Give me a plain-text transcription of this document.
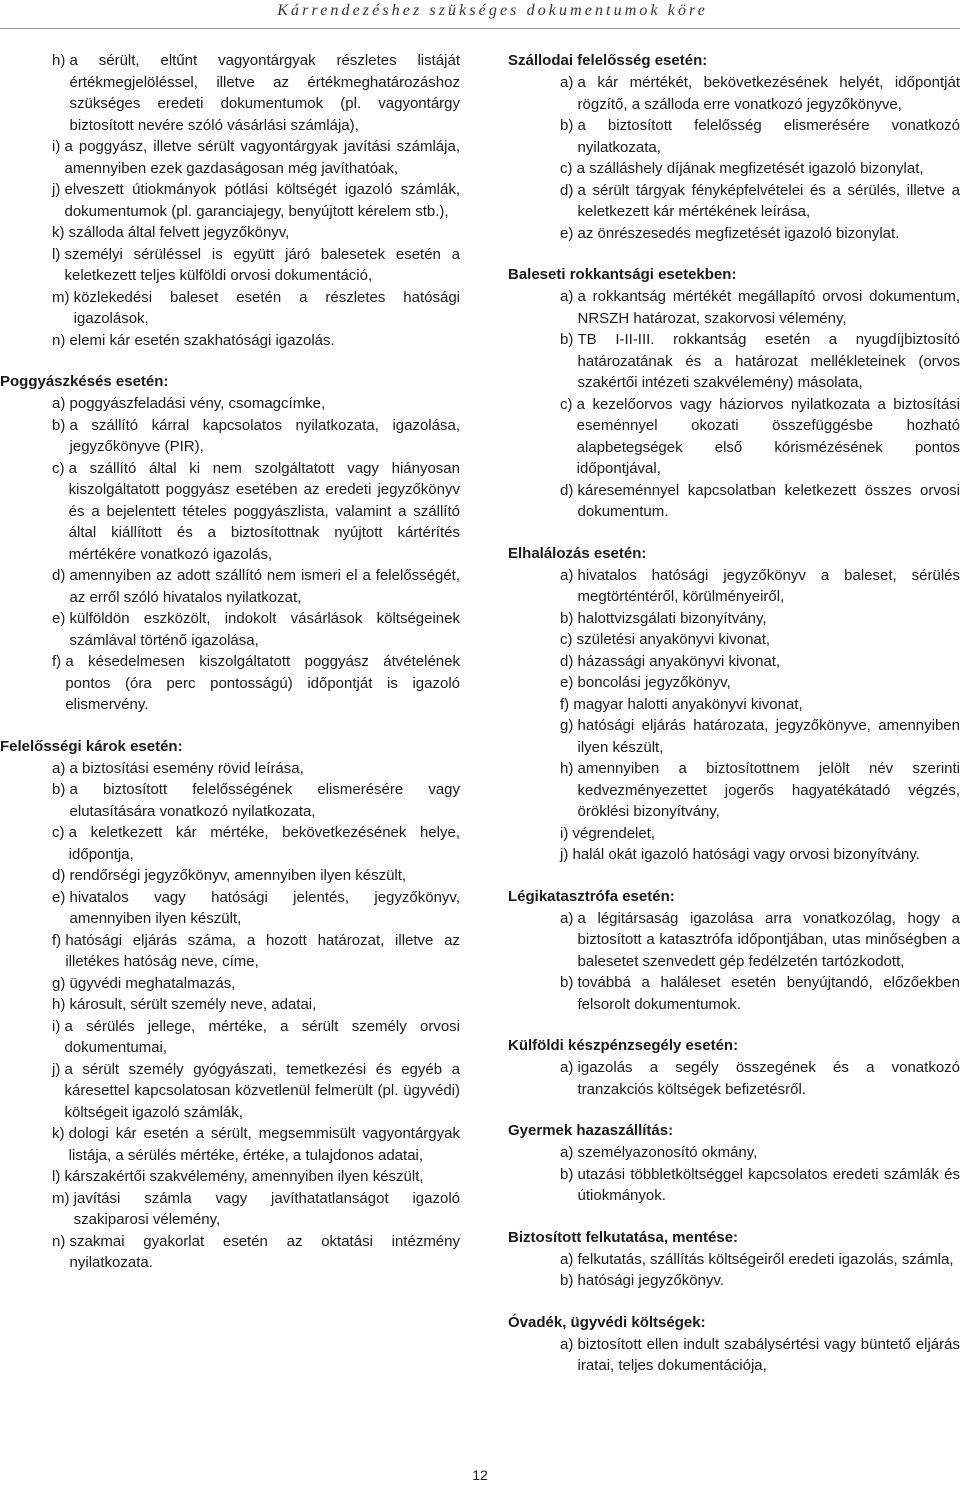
Kárrendezéshez szükséges dokumentumok köre
h) a sérült, eltűnt vagyontárgyak részletes listáját értékmegjelöléssel, illetve az értékmeghatározáshoz szükséges eredeti dokumentumok (pl. vagyontárgy biztosított nevére szóló vásárlási számlája),
i) a poggyász, illetve sérült vagyontárgyak javítási számlája, amennyiben ezek gazdaságosan még javíthatóak,
j) elveszett útiokmányok pótlási költségét igazoló számlák, dokumentumok (pl. garanciajegy, benyújtott kérelem stb.),
k) szálloda által felvett jegyzőkönyv,
l) személyi sérüléssel is együtt járó balesetek esetén a keletkezett teljes külföldi orvosi dokumentáció,
m) közlekedési baleset esetén a részletes hatósági igazolások,
n) elemi kár esetén szakhatósági igazolás.

Poggyászkésés esetén:

a) poggyászfeladási vény, csomagcímke,
b) a szállító kárral kapcsolatos nyilatkozata, igazolása, jegyzőkönyve (PIR),
c) a szállító által ki nem szolgáltatott vagy hiányosan kiszolgáltatott poggyász esetében az eredeti jegyzőkönyv és a bejelentett tételes poggyászlista, valamint a szállító által kiállított és a biztosítottnak nyújtott kártérítés mértékére vonatkozó igazolás,
d) amennyiben az adott szállító nem ismeri el a felelősségét, az erről szóló hivatalos nyilatkozat,
e) külföldön eszközölt, indokolt vásárlások költségeinek számlával történő igazolása,
f) a késedelmesen kiszolgáltatott poggyász átvételének pontos (óra perc pontosságú) időpontját is igazoló elismervény.

Felelősségi károk esetén:

a) a biztosítási esemény rövid leírása,
b) a biztosított felelősségének elismerésére vagy elutasítására vonatkozó nyilatkozata,
c) a keletkezett kár mértéke, bekövetkezésének helye, időpontja,
d) rendőrségi jegyzőkönyv, amennyiben ilyen készült,
e) hivatalos vagy hatósági jelentés, jegyzőkönyv, amennyiben ilyen készült,
f) hatósági eljárás száma, a hozott határozat, illetve az illetékes hatóság neve, címe,
g) ügyvédi meghatalmazás,
h) károsult, sérült személy neve, adatai,
i) a sérülés jellege, mértéke, a sérült személy orvosi dokumentumai,
j) a sérült személy gyógyászati, temetkezési és egyéb a káresettel kapcsolatosan közvetlenül felmerült (pl. ügyvédi) költségeit igazoló számlák,
k) dologi kár esetén a sérült, megsemmisült vagyontárgyak listája, a sérülés mértéke, értéke, a tulajdonos adatai,
l) kárszakértői szakvélemény, amennyiben ilyen készült,
m) javítási számla vagy javíthatatlanságot igazoló szakiparosi vélemény,
n) szakmai gyakorlat esetén az oktatási intézmény nyilatkozata.

Szállodai felelősség esetén:

a) a kár mértékét, bekövetkezésének helyét, időpontját rögzítő, a szálloda erre vonatkozó jegyzőkönyve,
b) a biztosított felelősség elismerésére vonatkozó nyilatkozata,
c) a szálláshely díjának megfizetését igazoló bizonylat,
d) a sérült tárgyak fényképfelvételei és a sérülés, illetve a keletkezett kár mértékének leírása,
e) az önrészesedés megfizetését igazoló bizonylat.

Baleseti rokkantsági esetekben:

a) a rokkantság mértékét megállapító orvosi dokumentum, NRSZH határozat, szakorvosi vélemény,
b) TB I-II-III. rokkantság esetén a nyugdíjbiztosító határozatának és a határozat mellékleteinek (orvos szakértői intézeti szakvélemény) másolata,
c) a kezelőorvos vagy háziorvos nyilatkozata a biztosítási eseménnyel okozati összefüggésbe hozható alapbetegségek első kórismézésének pontos időpontjával,
d) káreseménnyel kapcsolatban keletkezett összes orvosi dokumentum.

Elhalálozás esetén:

a) hivatalos hatósági jegyzőkönyv a baleset, sérülés megtörténtéről, körülményeiről,
b) halottvizsgálati bizonyítvány,
c) születési anyakönyvi kivonat,
d) házassági anyakönyvi kivonat,
e) boncolási jegyzőkönyv,
f) magyar halotti anyakönyvi kivonat,
g) hatósági eljárás határozata, jegyzőkönyve, amennyiben ilyen készült,
h) amennyiben a biztosítottnem jelölt név szerinti kedvezményezettet jogerős hagyatékátadó végzés, öröklési bizonyítvány,
i) végrendelet,
j) halál okát igazoló hatósági vagy orvosi bizonyítvány.

Légikatasztrófa esetén:

a) a légitársaság igazolása arra vonatkozólag, hogy a biztosított a katasztrófa időpontjában, utas minőségben a balesetet szenvedett gép fedélzetén tartózkodott,
b) továbbá a haláleset esetén benyújtandó, előzőekben felsorolt dokumentumok.

Külföldi készpénzsegély esetén:

a) igazolás a segély összegének és a vonatkozó tranzakciós költségek befizetésről.

Gyermek hazaszállítás:

a) személyazonosító okmány,
b) utazási többletköltséggel kapcsolatos eredeti számlák és útiokmányok.

Biztosított felkutatása, mentése:

a) felkutatás, szállítás költségeiről eredeti igazolás, számla,
b) hatósági jegyzőkönyv.

Óvadék, ügyvédi költségek:

a) biztosított ellen indult szabálysértési vagy büntető eljárás iratai, teljes dokumentációja,
12
